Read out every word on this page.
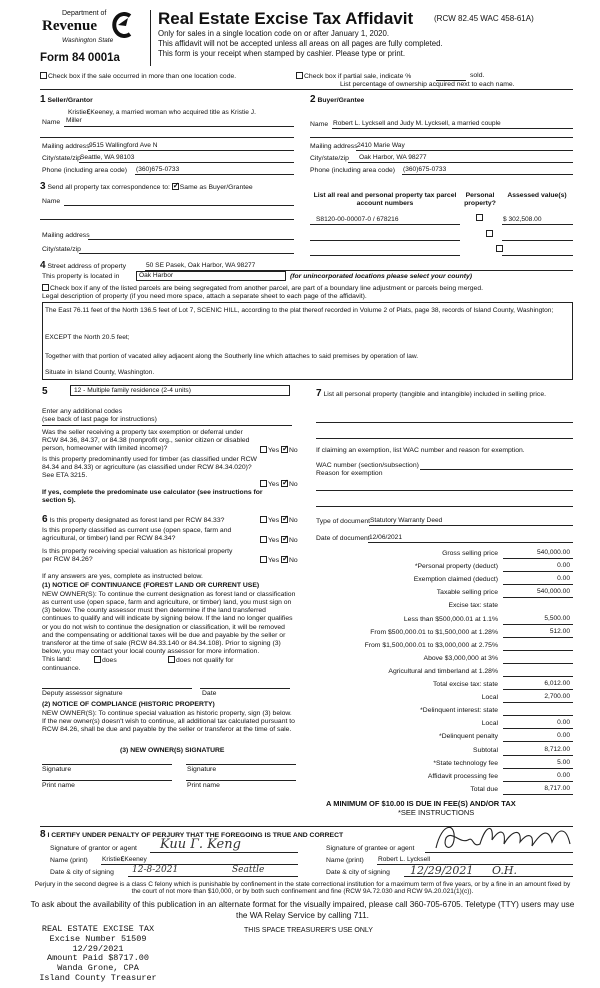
Department of
Revenue
Washington State
Form 84 0001a
Real Estate Excise Tax Affidavit	(RCW 82.45 WAC 458-61A)
Only for sales in a single location code on or after January 1, 2020.
This affidavit will not be accepted unless all areas on all pages are fully completed.
This form is your receipt when stamped by cashier. Please type or print.
Check box if the sale occurred in more than one location code.	Check box if partial sale, indicate %	sold.
List percentage of ownership acquired next to each name.
1 Seller/Grantor
KristieꜪKeeney, a married woman who acquired title as Kristie J.
Name Miller
Mailing address 9515 Wallingford Ave N
City/state/zip Seattle, WA 98103
Phone (including area code) (360)675-0733
2 Buyer/Grantee
Name Robert L. Lycksell and Judy M. Lycksell, a married couple
Mailing address 2410 Marie Way
City/state/zip Oak Harbor, WA 98277
Phone (including area code) (360)675-0733
3 Send all property tax correspondence to: ✓ Same as Buyer/Grantee
Name
Mailing address
City/state/zip
List all real and personal property tax parcel account numbers
Personal property?
Assessed value(s)
S8120-00-00007-0 / 678216
	$ 302,508.00
4 Street address of property	50 SE Pasek, Oak Harbor, WA 98277
This property is located in	Oak Harbor	(for unincorporated locations please select your county)
Check box if any of the listed parcels are being segregated from another parcel, are part of a boundary line adjustment or parcels being merged.
Legal description of property (if you need more space, attach a separate sheet to each page of the affidavit).
The East 76.11 feet of the North 136.5 feet of Lot 7, SCENIC HILL, according to the plat thereof recorded in Volume 2 of Plats, page 38, records of Island County, Washington;
EXCEPT the North 20.5 feet;
Together with that portion of vacated alley adjacent along the Southerly line which attaches to said premises by operation of law.
Situate in Island County, Washington.
5	12 - Multiple family residence (2-4 units)
Enter any additional codes
(see back of last page for instructions)
Was the seller receiving a property tax exemption or deferral under RCW 84.36, 84.37, or 84.38 (nonprofit org., senior citizen or disabled person, homeowner with limited income)?	Yes ✓ No
Is this property predominantly used for timber (as classified under RCW 84.34 and 84.33) or agriculture (as classified under RCW 84.34.020)? See ETA 3215.
Yes ✓ No
If yes, complete the predominate use calculator (see instructions for section 5).
7 List all personal property (tangible and intangible) included in selling price.
If claiming an exemption, list WAC number and reason for exemption.
WAC number (section/subsection)
Reason for exemption
6 Is this property designated as forest land per RCW 84.33?	Yes ✓ No
Is this property classified as current use (open space, farm and agricultural, or timber) land per RCW 84.34?	Yes ✓ No
Is this property receiving special valuation as historical property per RCW 84.26?	Yes ✓ No
If any answers are yes, complete as instructed below.
(1) NOTICE OF CONTINUANCE (FOREST LAND OR CURRENT USE)
NEW OWNER(S): To continue the current designation as forest land or classification as current use (open space, farm and agriculture, or timber) land, you must sign on (3) below. The county assessor must then determine if the land transferred continues to qualify and will indicate by signing below. If the land no longer qualifies or you do not wish to continue the designation or classification, it will be removed and the compensating or additional taxes will be due and payable by the seller or transferor at the time of sale (RCW 84.33.140 or 84.34.108). Prior to signing (3) below, you may contact your local county assessor for more information.
This land:	does	does not qualify for
continuance.
Deputy assessor signature	Date
(2) NOTICE OF COMPLIANCE (HISTORIC PROPERTY)
NEW OWNER(S): To continue special valuation as historic property, sign (3) below. If the new owner(s) doesn't wish to continue, all additional tax calculated pursuant to RCW 84.26, shall be due and payable by the seller or transferor at the time of sale.
(3) NEW OWNER(S) SIGNATURE
Signature	Signature
Print name	Print name
Type of document Statutory Warranty Deed
Date of document 12/06/2021
Gross selling price	540,000.00
*Personal property (deduct)	0.00
Exemption claimed (deduct)	0.00
Taxable selling price	540,000.00
Excise tax: state
Less than $500,000.01 at 1.1%	5,500.00
From $500,000.01 to $1,500,000 at 1.28%	512.00
From $1,500,000.01 to $3,000,000 at 2.75%
Above $3,000,000 at 3%
Agricultural and timberland at 1.28%
Total excise tax: state	6,012.00
Local	2,700.00
*Delinquent interest: state
Local	0.00
*Delinquent penalty	0.00
Subtotal	8,712.00
*State technology fee	5.00
Affidavit processing fee	0.00
Total due	8,717.00
A MINIMUM OF $10.00 IS DUE IN FEE(S) AND/OR TAX
*SEE INSTRUCTIONS
8 I CERTIFY UNDER PENALTY OF PERJURY THAT THE FOREGOING IS TRUE AND CORRECT
Signature of grantor or agent Kuu Г. Keng
Name (print) KristieꜪKeeney
Date & city of signing 12-8-2021	Seattle
Signature of grantee or agent
Name (print) Robert L. Lycksell
Date & city of signing 12/29/2021 O.H.
Perjury in the second degree is a class C felony which is punishable by confinement in the state correctional institution for a maximum term of five years, or by a fine in an amount fixed by the court of not more than $10,000, or by both such confinement and fine (RCW 9A.72.030 and RCW 9A.20.021(1)(c)).
To ask about the availability of this publication in an alternate format for the visually impaired, please call 360-705-6705. Teletype (TTY) users may use the WA Relay Service by calling 711.
THIS SPACE TREASURER'S USE ONLY
REAL ESTATE EXCISE TAX
Excise Number 51509
12/29/2021
Amount Paid $8717.00
Wanda Grone, CPA
Island County Treasurer
